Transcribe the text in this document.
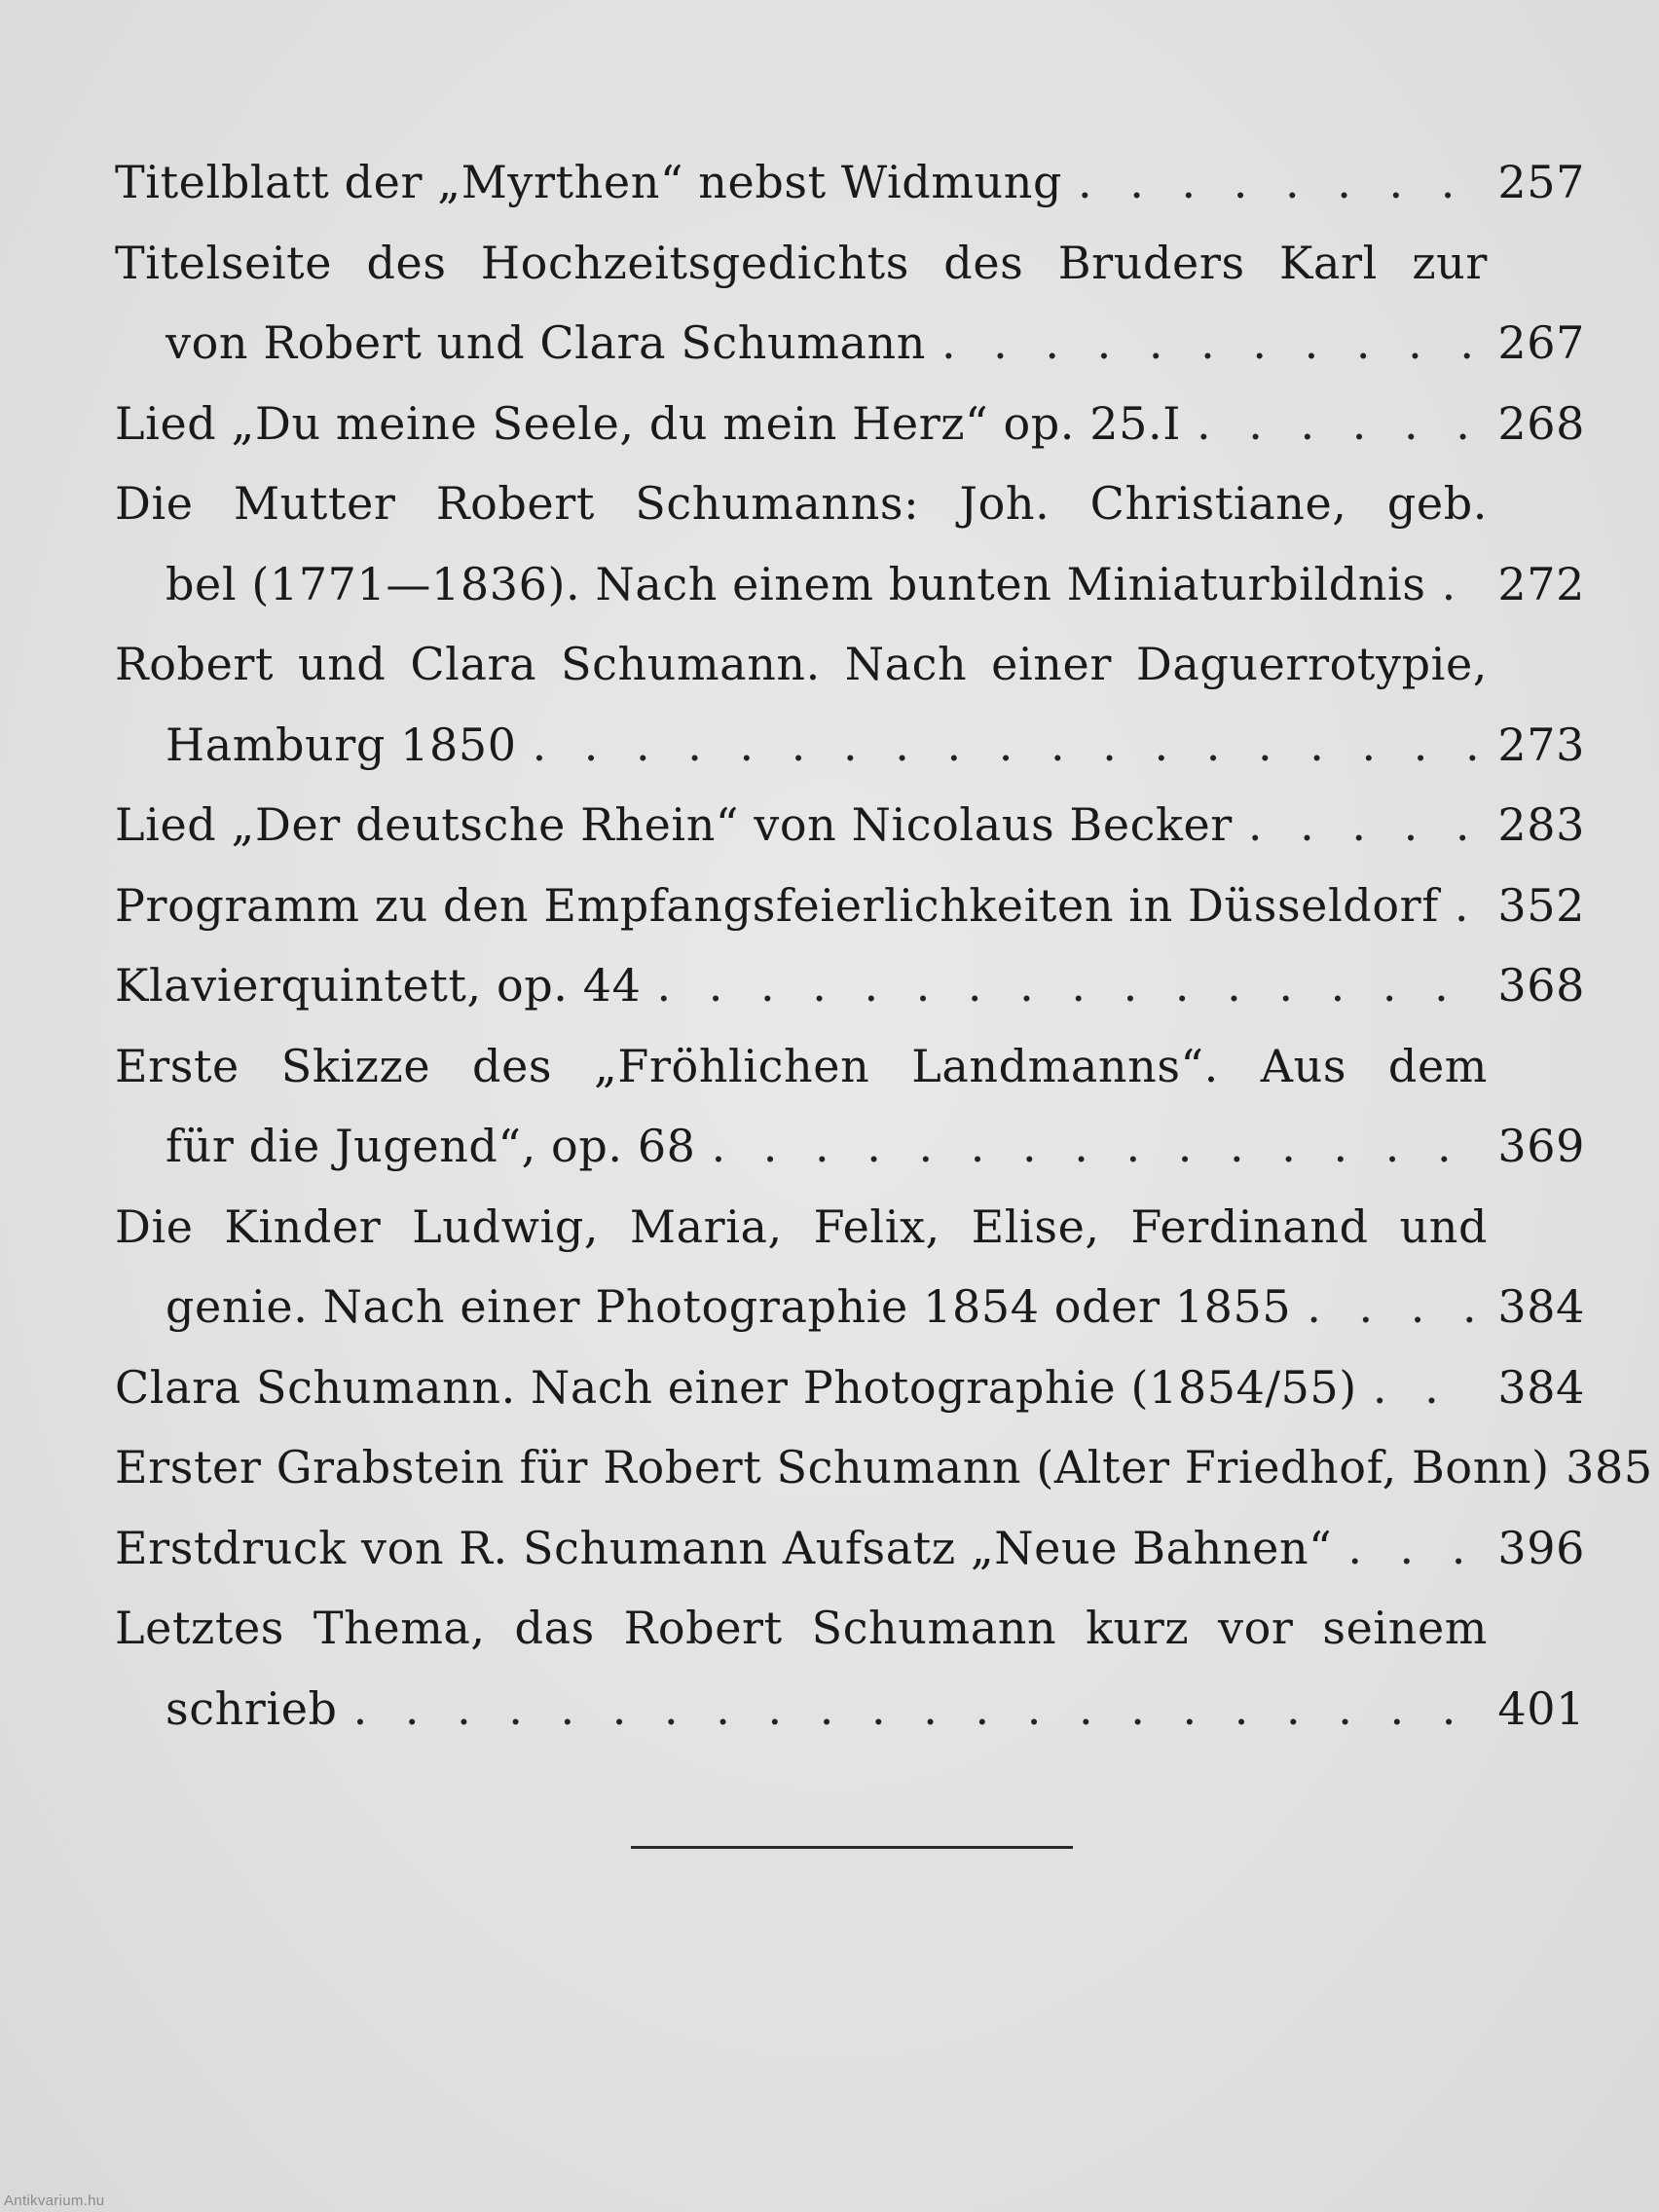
Titelblatt der „Myrthen“ nebst Widmung . . .	257
Titelseite des Hochzeitsgedichts des Bruders Karl zur
von Robert und Clara Schumann . . .	267
Lied „Du meine Seele, du mein Herz“ op. 25.I . . .	268
Die Mutter Robert Schumanns: Joh. Christiane, geb.
bel (1771—1836). Nach einem bunten Miniaturbildnis . . . 272
Robert und Clara Schumann. Nach einer Daguerrotypie,
Hamburg 1850 . . .	273
Lied „Der deutsche Rhein“ von Nicolaus Becker . . .	283
Programm zu den Empfangsfeierlichkeiten in Düsseldorf . . . 352
Klavierquintett, op. 44 . . .	368
Erste Skizze des „Fröhlichen Landmanns“. Aus dem
für die Jugend“, op. 68 . . .	369
Die Kinder Ludwig, Maria, Felix, Elise, Ferdinand und
genie. Nach einer Photographie 1854 oder 1855 . . .	384
Clara Schumann. Nach einer Photographie (1854/55) . . .	384
Erster Grabstein für Robert Schumann (Alter Friedhof, Bonn) 385
Erstdruck von R. Schumann Aufsatz „Neue Bahnen“ . . .	396
Letztes Thema, das Robert Schumann kurz vor seinem
schrieb . . .	401
Antikvarium.hu
